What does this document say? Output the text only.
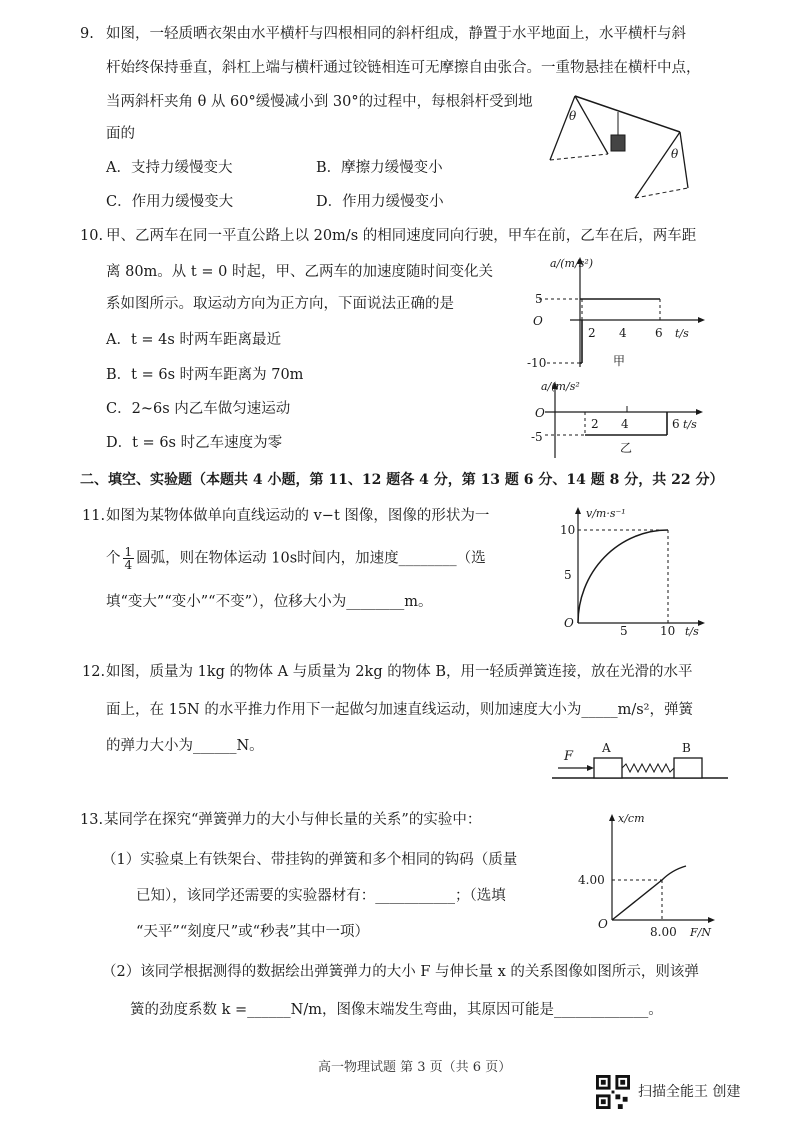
9. 如图，一轻质晒衣架由水平横杆与四根相同的斜杆组成，静置于水平地面上，水平横杆与斜
杆始终保持垂直，斜杠上端与横杆通过铰链相连可无摩擦自由张合。一重物悬挂在横杆中点，
当两斜杆夹角 θ 从 60°缓慢减小到 30°的过程中，每根斜杆受到地
面的
A．支持力缓慢变大	B．摩擦力缓慢变小
C．作用力缓慢变大	D．作用力缓慢变小
θ
θ
10. 甲、乙两车在同一平直公路上以 20m/s 的相同速度同向行驶，甲车在前，乙车在后，两车距
离 80m。从 t = 0 时起，甲、乙两车的加速度随时间变化关
系如图所示。取运动方向为正方向，下面说法正确的是
A．t = 4s 时两车距离最近
B．t = 6s 时两车距离为 70m
C．2~6s 内乙车做匀速运动
D．t = 6s 时乙车速度为零
a/(m/s²)
5
O
-10
2 4 6 t/s
甲
a/(m/s²
O
-5
2 4	6 t/s
乙
二、填空、实验题（本题共 4 小题，第 11、12 题各 4 分，第 13 题 6 分、14 题 8 分，共 22 分）
11. 如图为某物体做单向直线运动的 v−t 图像，图像的形状为一
个 $\frac{1}{4}$ 圆弧，则在物体运动 10s时间内，加速度________（选
填“变大”“变小”“不变”），位移大小为________m。
v/m·s⁻¹
10
5
O
5	10 t/s
12. 如图，质量为 1kg 的物体 A 与质量为 2kg 的物体 B，用一轻质弹簧连接，放在光滑的水平
面上，在 15N 的水平推力作用下一起做匀加速直线运动，则加速度大小为_____m/s²，弹簧
的弹力大小为______N。
F
A	B
13. 某同学在探究“弹簧弹力的大小与伸长量的关系”的实验中：
（1）实验桌上有铁架台、带挂钩的弹簧和多个相同的钩码（质量
已知），该同学还需要的实验器材有：___________；（选填
“天平”“刻度尺”或“秒表”其中一项）
（2）该同学根据测得的数据绘出弹簧弹力的大小 F 与伸长量 x 的关系图像如图所示，则该弹
簧的劲度系数 k =______N/m，图像末端发生弯曲，其原因可能是_____________。
x/cm
4.00
O
8.00 F/N
高一物理试题 第 3 页（共 6 页）
扫描全能王 创建
